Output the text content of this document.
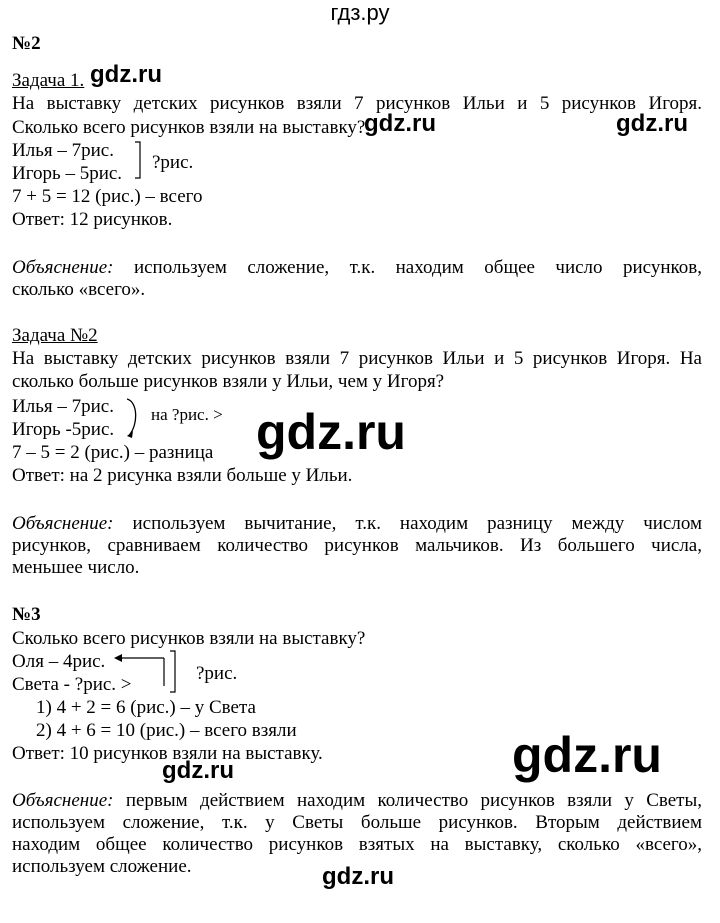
гдз.ру
№2
Задача 1. gdz.ru
На выставку детских рисунков взяли 7 рисунков Ильи и 5 рисунков Игоря.
Сколько всего рисунков взяли на выставку?
gdz.ru	gdz.ru
Илья – 7рис.
Игорь – 5рис.
?рис.
7 + 5 = 12 (рис.) – всего
Ответ: 12 рисунков.
Объяснение: используем сложение, т.к. находим общее число рисунков,
сколько «всего».
Задача №2
На выставку детских рисунков взяли 7 рисунков Ильи и 5 рисунков Игоря. На
сколько больше рисунков взяли у Ильи, чем у Игоря?
Илья – 7рис.
Игорь -5рис.
на ?рис. > gdz.ru
7 – 5 = 2 (рис.) – разница
Ответ: на 2 рисунка взяли больше у Ильи.
Объяснение: используем вычитание, т.к. находим разницу между числом
рисунков, сравниваем количество рисунков мальчиков. Из большего числа,
меньшее число.
№3
Сколько всего рисунков взяли на выставку?
Оля – 4рис.
Света - ?рис. >
?рис.
1) 4 + 2 = 6 (рис.) – у Света
2) 4 + 6 = 10 (рис.) – всего взяли
Ответ: 10 рисунков взяли на выставку.
gdz.ru	gdz.ru
Объяснение: первым действием находим количество рисунков взяли у Светы,
используем сложение, т.к. у Светы больше рисунков. Вторым действием
находим общее количество рисунков взятых на выставку, сколько «всего»,
используем сложение.	gdz.ru
